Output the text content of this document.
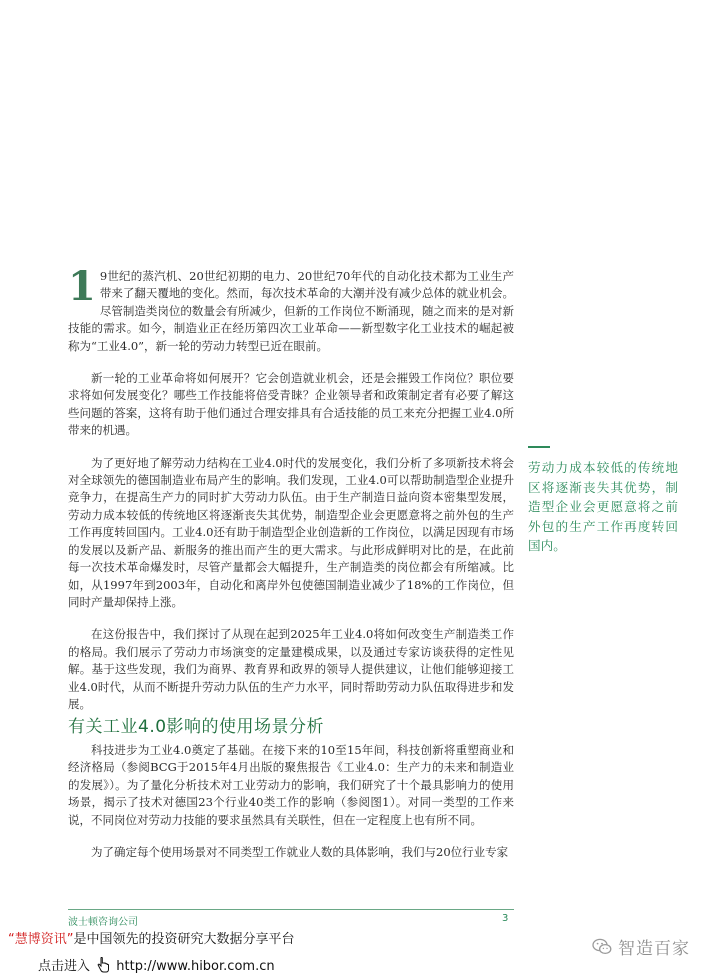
1 9世纪的蒸汽机、20世纪初期的电力、20世纪70年代的自动化技术都为工业生产带来了翻天覆地的变化。然而，每次技术革命的大潮并没有减少总体的就业机会。尽管制造类岗位的数量会有所减少，但新的工作岗位不断涌现，随之而来的是对新技能的需求。如今，制造业正在经历第四次工业革命——新型数字化工业技术的崛起被称为“工业4.0”，新一轮的劳动力转型已近在眼前。

新一轮的工业革命将如何展开？它会创造就业机会，还是会摧毁工作岗位？职位要求将如何发展变化？哪些工作技能将倍受青睐？企业领导者和政策制定者有必要了解这些问题的答案，这将有助于他们通过合理安排具有合适技能的员工来充分把握工业4.0所带来的机遇。

为了更好地了解劳动力结构在工业4.0时代的发展变化，我们分析了多项新技术将会对全球领先的德国制造业布局产生的影响。我们发现，工业4.0可以帮助制造型企业提升竞争力，在提高生产力的同时扩大劳动力队伍。由于生产制造日益向资本密集型发展，劳动力成本较低的传统地区将逐渐丧失其优势，制造型企业会更愿意将之前外包的生产工作再度转回国内。工业4.0还有助于制造型企业创造新的工作岗位，以满足因现有市场的发展以及新产品、新服务的推出而产生的更大需求。与此形成鲜明对比的是，在此前每一次技术革命爆发时，尽管产量都会大幅提升，生产制造类的岗位都会有所缩减。比如，从1997年到2003年，自动化和离岸外包使德国制造业减少了18%的工作岗位，但同时产量却保持上涨。

在这份报告中，我们探讨了从现在起到2025年工业4.0将如何改变生产制造类工作的格局。我们展示了劳动力市场演变的定量建模成果，以及通过专家访谈获得的定性见解。基于这些发现，我们为商界、教育界和政界的领导人提供建议，让他们能够迎接工业4.0时代，从而不断提升劳动力队伍的生产力水平，同时帮助劳动力队伍取得进步和发展。

有关工业4.0影响的使用场景分析

科技进步为工业4.0奠定了基础。在接下来的10至15年间，科技创新将重塑商业和经济格局（参阅BCG于2015年4月出版的聚焦报告《工业4.0：生产力的未来和制造业的发展》）。为了量化分析技术对工业劳动力的影响，我们研究了十个最具影响力的使用场景，揭示了技术对德国23个行业40类工作的影响（参阅图1）。对同一类型的工作来说，不同岗位对劳动力技能的要求虽然具有关联性，但在一定程度上也有所不同。

为了确定每个使用场景对不同类型工作就业人数的具体影响，我们与20位行业专家

劳动力成本较低的传统地区将逐渐丧失其优势，制造型企业会更愿意将之前外包的生产工作再度转回国内。
波士顿咨询公司	3
“慧博资讯”是中国领先的投资研究大数据分享平台
点击进入 http://www.hibor.com.cn
智造百家
